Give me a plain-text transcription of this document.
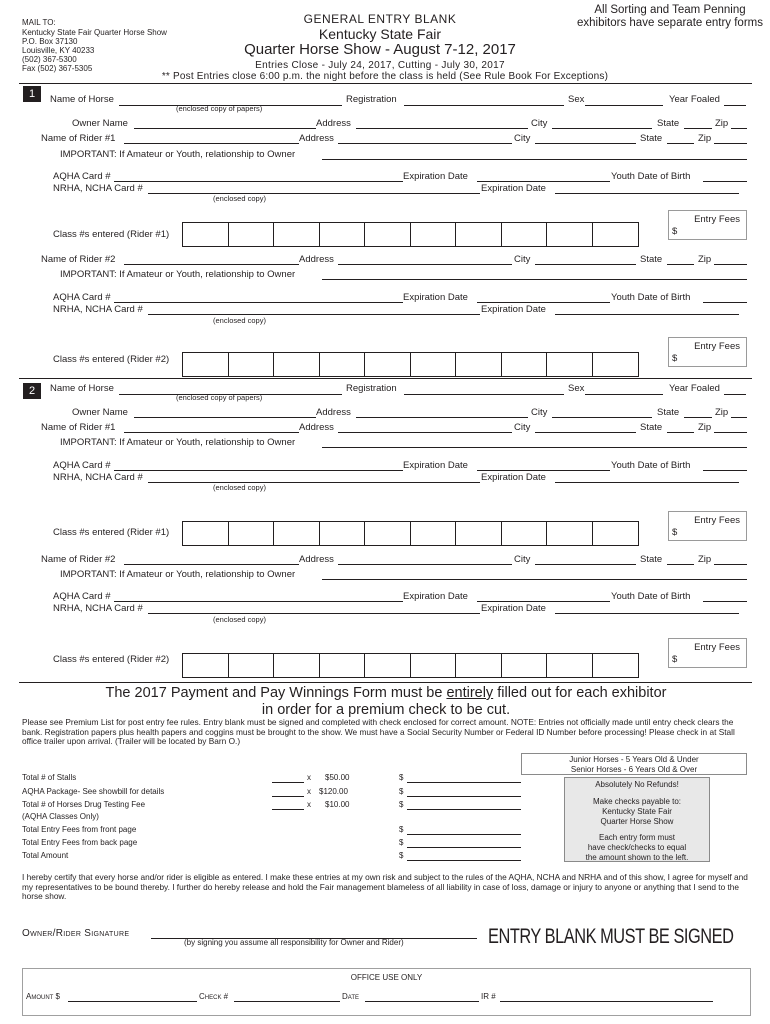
MAIL TO:
Kentucky State Fair Quarter Horse Show
P.O. Box 37130
Louisville, KY 40233
(502) 367-5300
Fax (502) 367-5305
GENERAL ENTRY BLANK
Kentucky State Fair
Quarter Horse Show - August 7-12, 2017
Entries Close - July 24, 2017, Cutting - July 30, 2017
** Post Entries close 6:00 p.m. the night before the class is held (See Rule Book For Exceptions)
All Sorting and Team Penning exhibitors have separate entry forms
1	Name of Horse	Registration	Sex	Year Foaled
(enclosed copy of papers)
Owner Name	Address	City	State	Zip
Name of Rider #1	Address	City	State	Zip
IMPORTANT: If Amateur or Youth, relationship to Owner
AQHA Card #	Expiration Date	Youth Date of Birth
NRHA, NCHA Card #	Expiration Date
(enclosed copy)
Class #s entered (Rider #1)
Entry Fees
$
Name of Rider #2	Address	City	State	Zip
IMPORTANT: If Amateur or Youth, relationship to Owner
AQHA Card #	Expiration Date	Youth Date of Birth
NRHA, NCHA Card #	Expiration Date
(enclosed copy)
Class #s entered (Rider #2)
Entry Fees
$
2	Name of Horse	Registration	Sex	Year Foaled
(enclosed copy of papers)
Owner Name	Address	City	State	Zip
Name of Rider #1	Address	City	State	Zip
IMPORTANT: If Amateur or Youth, relationship to Owner
AQHA Card #	Expiration Date	Youth Date of Birth
NRHA, NCHA Card #	Expiration Date
(enclosed copy)
Class #s entered (Rider #1)
Entry Fees
$
Name of Rider #2	Address	City	State	Zip
IMPORTANT: If Amateur or Youth, relationship to Owner
AQHA Card #	Expiration Date	Youth Date of Birth
NRHA, NCHA Card #	Expiration Date
(enclosed copy)
Class #s entered (Rider #2)
Entry Fees
$
The 2017 Payment and Pay Winnings Form must be entirely filled out for each exhibitor
in order for a premium check to be cut.
Please see Premium List for post entry fee rules. Entry blank must be signed and completed with check enclosed for correct amount. NOTE: Entries not officially made until entry check clears the bank. Registration papers plus health papers and coggins must be brought to the show. We must have a Social Security Number or Federal ID Number before processing! Please check in at Stall office trailer upon arrival. (Trailer will be located by Barn O.)
Total # of Stalls	x $50.00	$
AQHA Package- See showbill for details	x $120.00	$
Total # of Horses Drug Testing Fee	x $10.00	$
(AQHA Classes Only)
Total Entry Fees from front page	$
Total Entry Fees from back page	$
Total Amount	$
Junior Horses - 5 Years Old & Under
Senior Horses - 6 Years Old & Over
Absolutely No Refunds!
Make checks payable to:
Kentucky State Fair
Quarter Horse Show
Each entry form must
have check/checks to equal
the amount shown to the left.
I hereby certify that every horse and/or rider is eligible as entered. I make these entries at my own risk and subject to the rules of the AQHA, NCHA and NRHA and of this show, I agree for myself and my representatives to be bound thereby. I further do hereby release and hold the Fair management blameless of all liability in case of loss, damage or injury to anyone or anything that I send to the horse show.
Owner/Rider Signature
(by signing you assume all responsibility for Owner and Rider)	ENTRY BLANK MUST BE SIGNED
OFFICE USE ONLY
Amount $	Check #	Date	IR #
